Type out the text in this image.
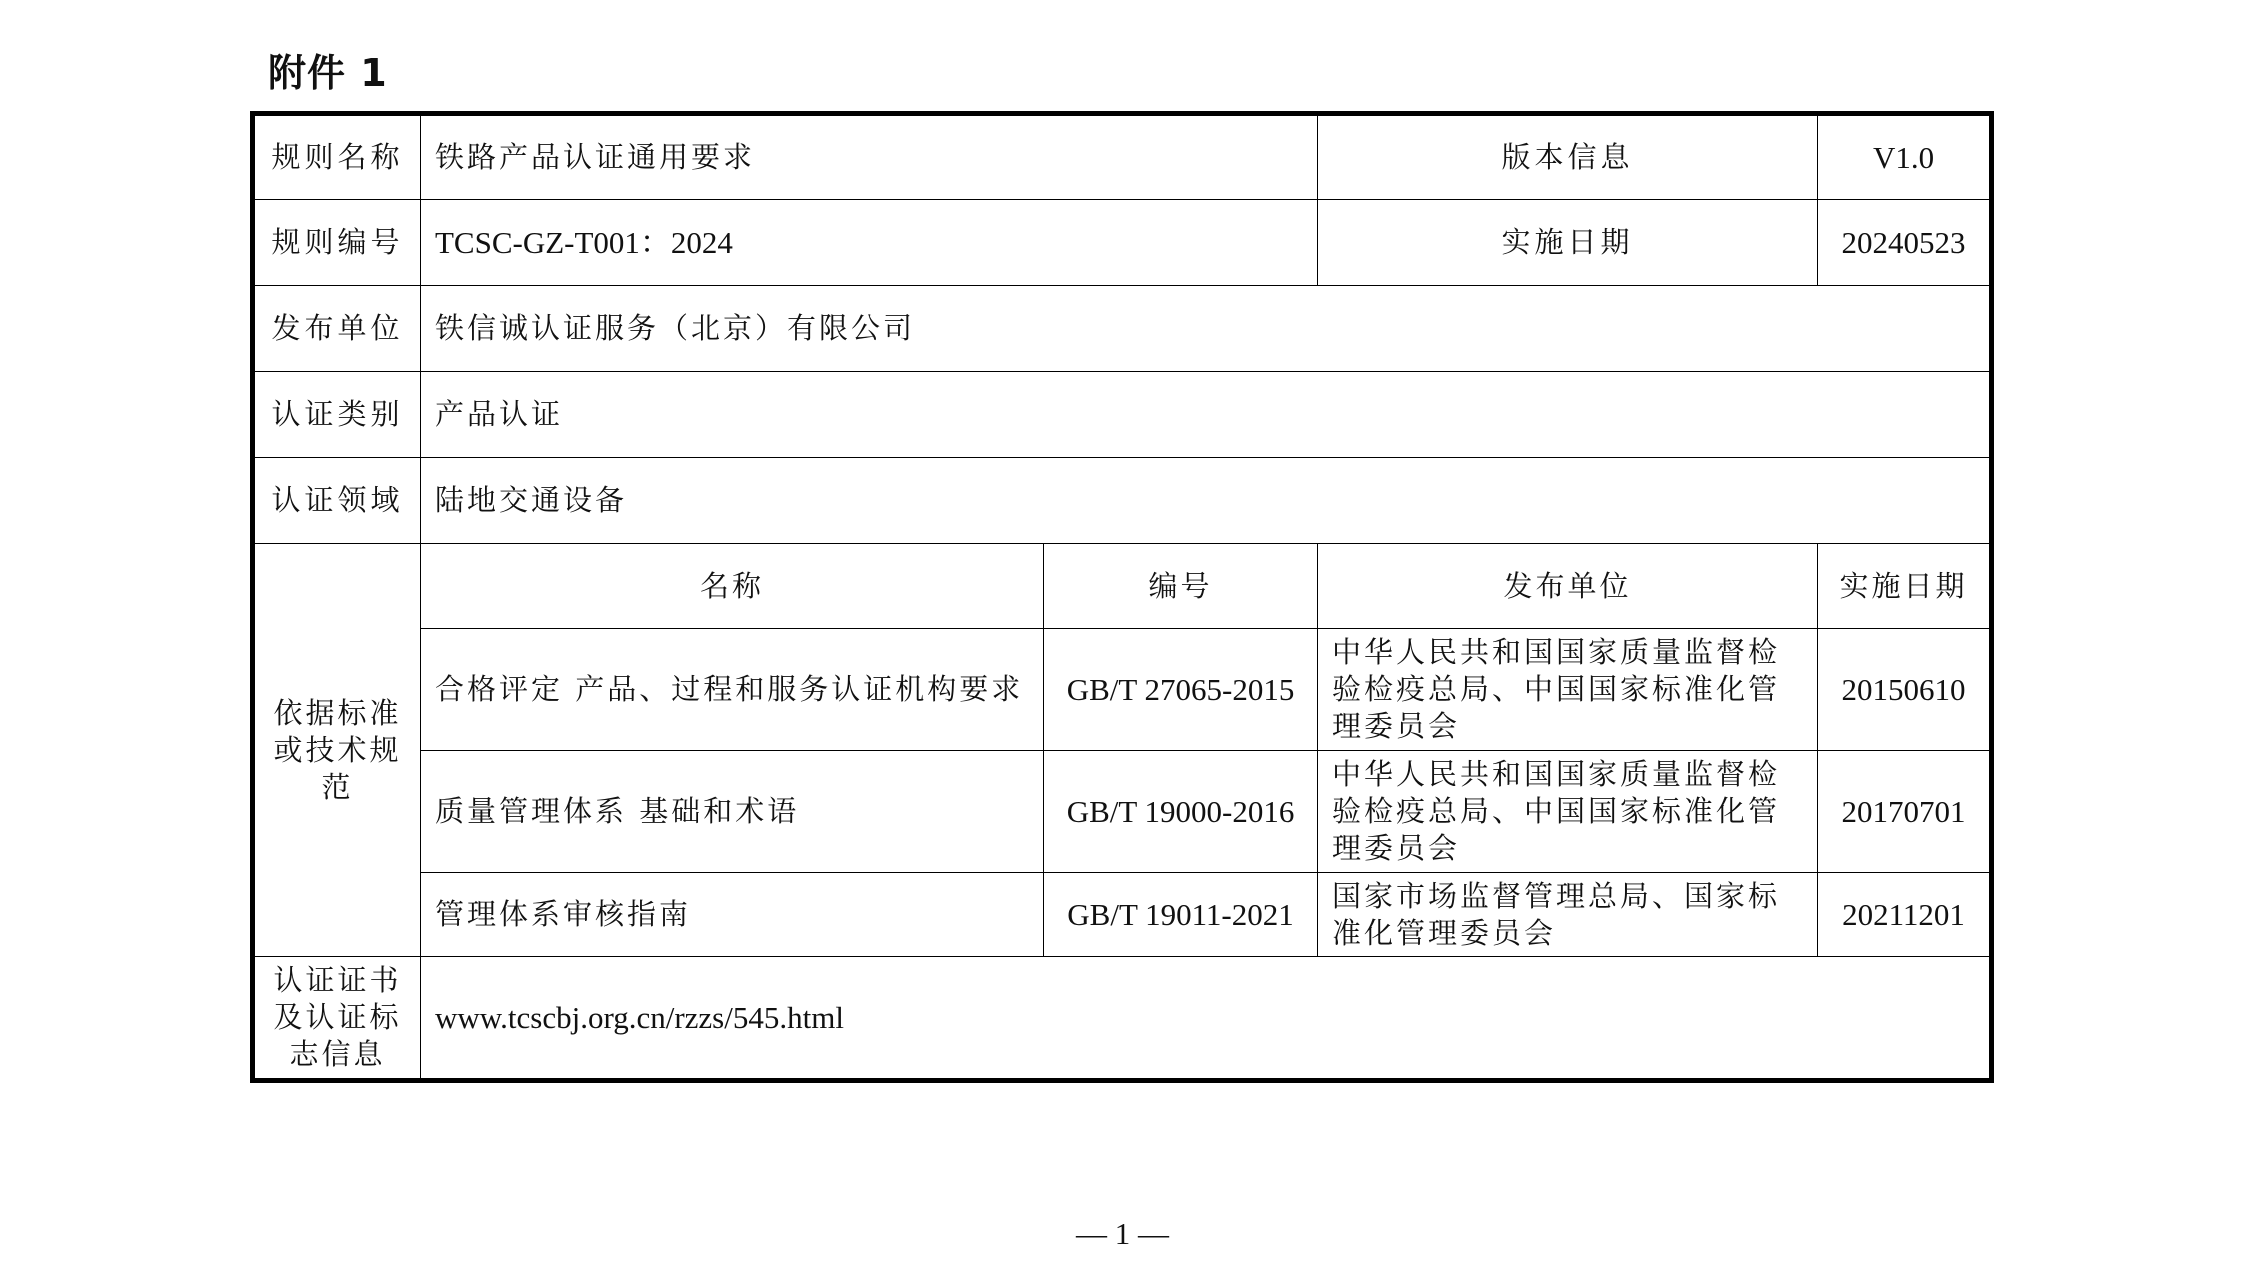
附件 1
规则名称	铁路产品认证通用要求		版本信息	V1.0
规则编号	TCSC-GZ-T001：2024		实施日期	20240523
发布单位	铁信诚认证服务（北京）有限公司			
认证类别	产品认证			
认证领域	陆地交通设备			
依据标准或技术规范	名称	编号	发布单位	实施日期
	合格评定 产品、过程和服务认证机构要求	GB/T 27065-2015	中华人民共和国国家质量监督检验检疫总局、中国国家标准化管理委员会	20150610
	质量管理体系 基础和术语	GB/T 19000-2016	中华人民共和国国家质量监督检验检疫总局、中国国家标准化管理委员会	20170701
	管理体系审核指南	GB/T 19011-2021	国家市场监督管理总局、国家标准化管理委员会	20211201
认证证书及认证标志信息	www.tcscbj.org.cn/rzzs/545.html			
— 1 —
